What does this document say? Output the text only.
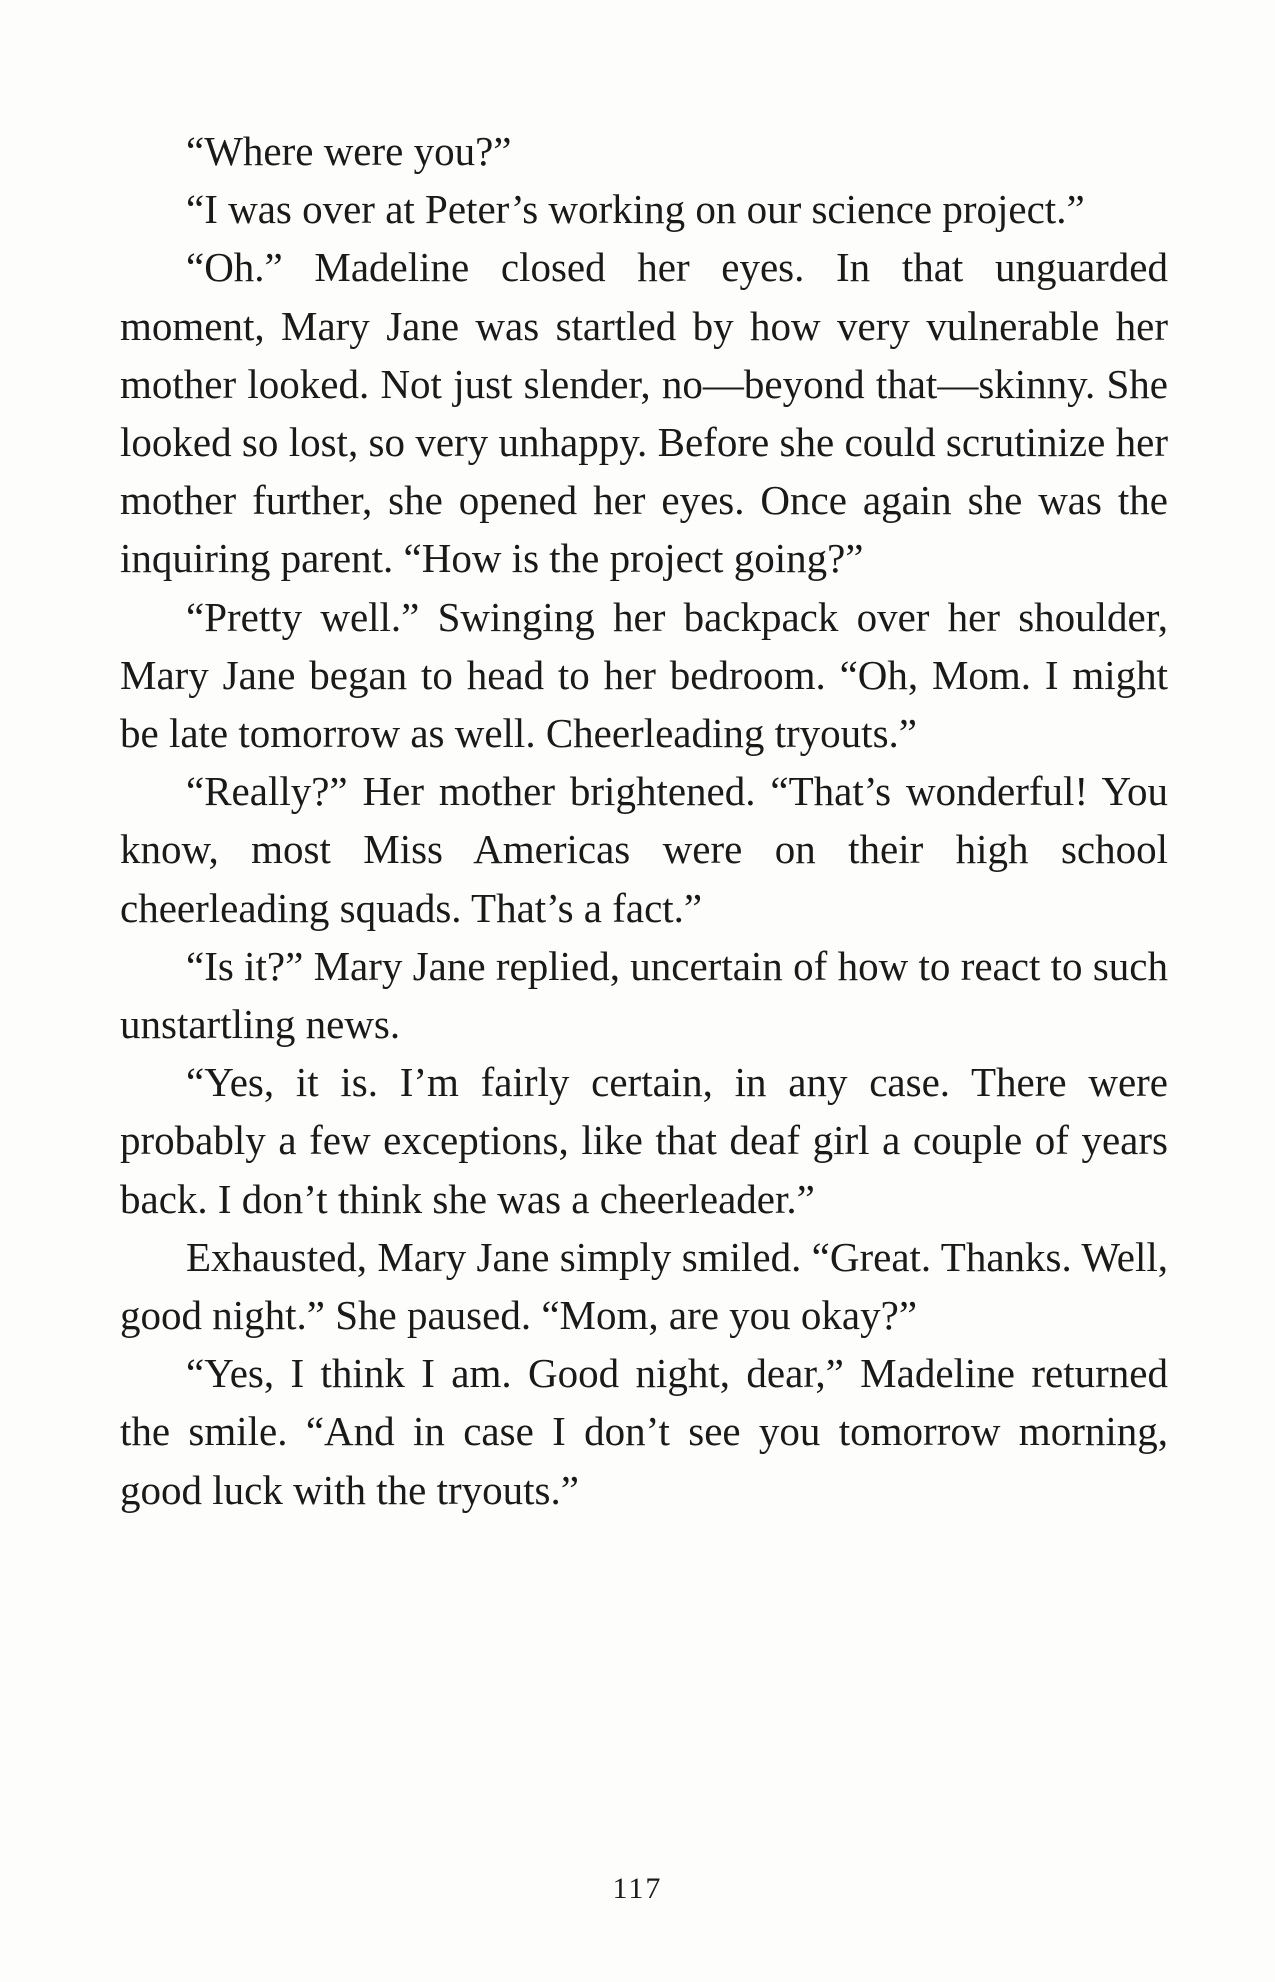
“Where were you?”

“I was over at Peter’s working on our science project.”

“Oh.” Madeline closed her eyes. In that unguarded moment, Mary Jane was startled by how very vulnerable her mother looked. Not just slender, no—beyond that—skinny. She looked so lost, so very unhappy. Before she could scrutinize her mother further, she opened her eyes. Once again she was the inquiring parent. “How is the project going?”

“Pretty well.” Swinging her backpack over her shoulder, Mary Jane began to head to her bedroom. “Oh, Mom. I might be late tomorrow as well. Cheerleading tryouts.”

“Really?” Her mother brightened. “That’s wonderful! You know, most Miss Americas were on their high school cheerleading squads. That’s a fact.”

“Is it?” Mary Jane replied, uncertain of how to react to such unstartling news.

“Yes, it is. I’m fairly certain, in any case. There were probably a few exceptions, like that deaf girl a couple of years back. I don’t think she was a cheerleader.”

Exhausted, Mary Jane simply smiled. “Great. Thanks. Well, good night.” She paused. “Mom, are you okay?”

“Yes, I think I am. Good night, dear,” Madeline returned the smile. “And in case I don’t see you tomorrow morning, good luck with the tryouts.”

117
